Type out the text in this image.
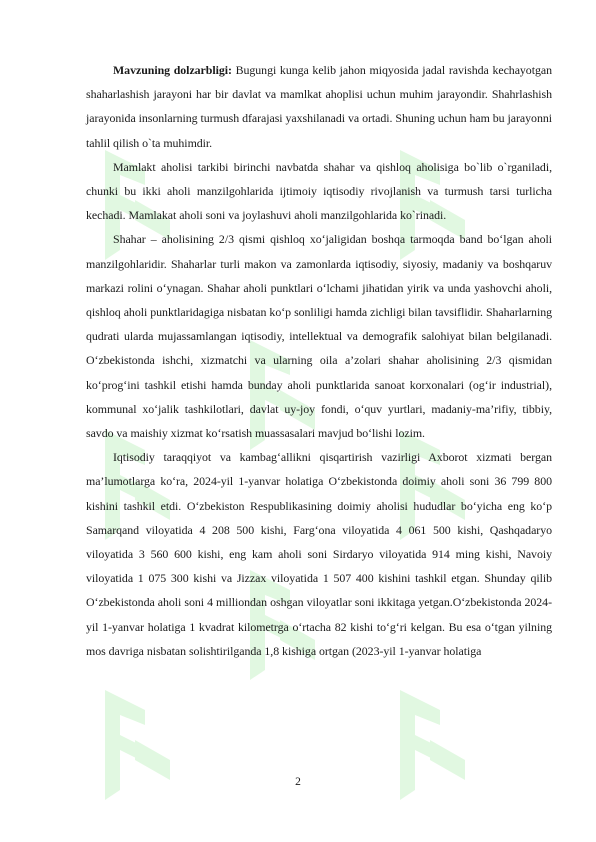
Mavzuning dolzarbligi: Bugungi kunga kelib jahon miqyosida jadal ravishda kechayotgan shaharlashish jarayoni har bir davlat va mamlkat ahoplisi uchun muhim jarayondir. Shahrlashish jarayonida insonlarning turmush dfarajasi yaxshilanadi va ortadi. Shuning uchun ham bu jarayonni tahlil qilish o`ta muhimdir.

Mamlakt aholisi tarkibi birinchi navbatda shahar va qishloq aholisiga bo`lib o`rganiladi, chunki bu ikki aholi manzilgohlarida ijtimoiy iqtisodiy rivojlanish va turmush tarsi turlicha kechadi. Mamlakat aholi soni va joylashuvi aholi manzilgohlarida ko`rinadi.

Shahar – aholisining 2/3 qismi qishloq xo‘jaligidan boshqa tarmoqda band bo‘lgan aholi manzilgohlaridir. Shaharlar turli makon va zamonlarda iqtisodiy, siyosiy, madaniy va boshqaruv markazi rolini o‘ynagan. Shahar aholi punktlari o‘lchami jihatidan yirik va unda yashovchi aholi, qishloq aholi punktlaridagiga nisbatan ko‘p sonliligi hamda zichligi bilan tavsiflidir. Shaharlarning qudrati ularda mujassamlangan iqtisodiy, intellektual va demografik salohiyat bilan belgilanadi. O‘zbekistonda ishchi, xizmatchi va ularning oila a’zolari shahar aholisining 2/3 qismidan ko‘prog‘ini tashkil etishi hamda bunday aholi punktlarida sanoat korxonalari (og‘ir industrial), kommunal xo‘jalik tashkilotlari, davlat uy-joy fondi, o‘quv yurtlari, madaniy-ma’rifiy, tibbiy, savdo va maishiy xizmat ko‘rsatish muassasalari mavjud bo‘lishi lozim.

Iqtisodiy taraqqiyot va kambag‘allikni qisqartirish vazirligi Axborot xizmati bergan ma’lumotlarga ko‘ra, 2024-yil 1-yanvar holatiga O‘zbekistonda doimiy aholi soni 36 799 800 kishini tashkil etdi. O‘zbekiston Respublikasining doimiy aholisi hududlar bo‘yicha eng ko‘p Samarqand viloyatida 4 208 500 kishi, Farg‘ona viloyatida 4 061 500 kishi, Qashqadaryo viloyatida 3 560 600 kishi, eng kam aholi soni Sirdaryo viloyatida 914 ming kishi, Navoiy viloyatida 1 075 300 kishi va Jizzax viloyatida 1 507 400 kishini tashkil etgan. Shunday qilib O‘zbekistonda aholi soni 4 milliondan oshgan viloyatlar soni ikkitaga yetgan.O‘zbekistonda 2024-yil 1-yanvar holatiga 1 kvadrat kilometrga o‘rtacha 82 kishi to‘g‘ri kelgan. Bu esa o‘tgan yilning mos davriga nisbatan solishtirilganda 1,8 kishiga ortgan (2023-yil 1-yanvar holatiga

2
